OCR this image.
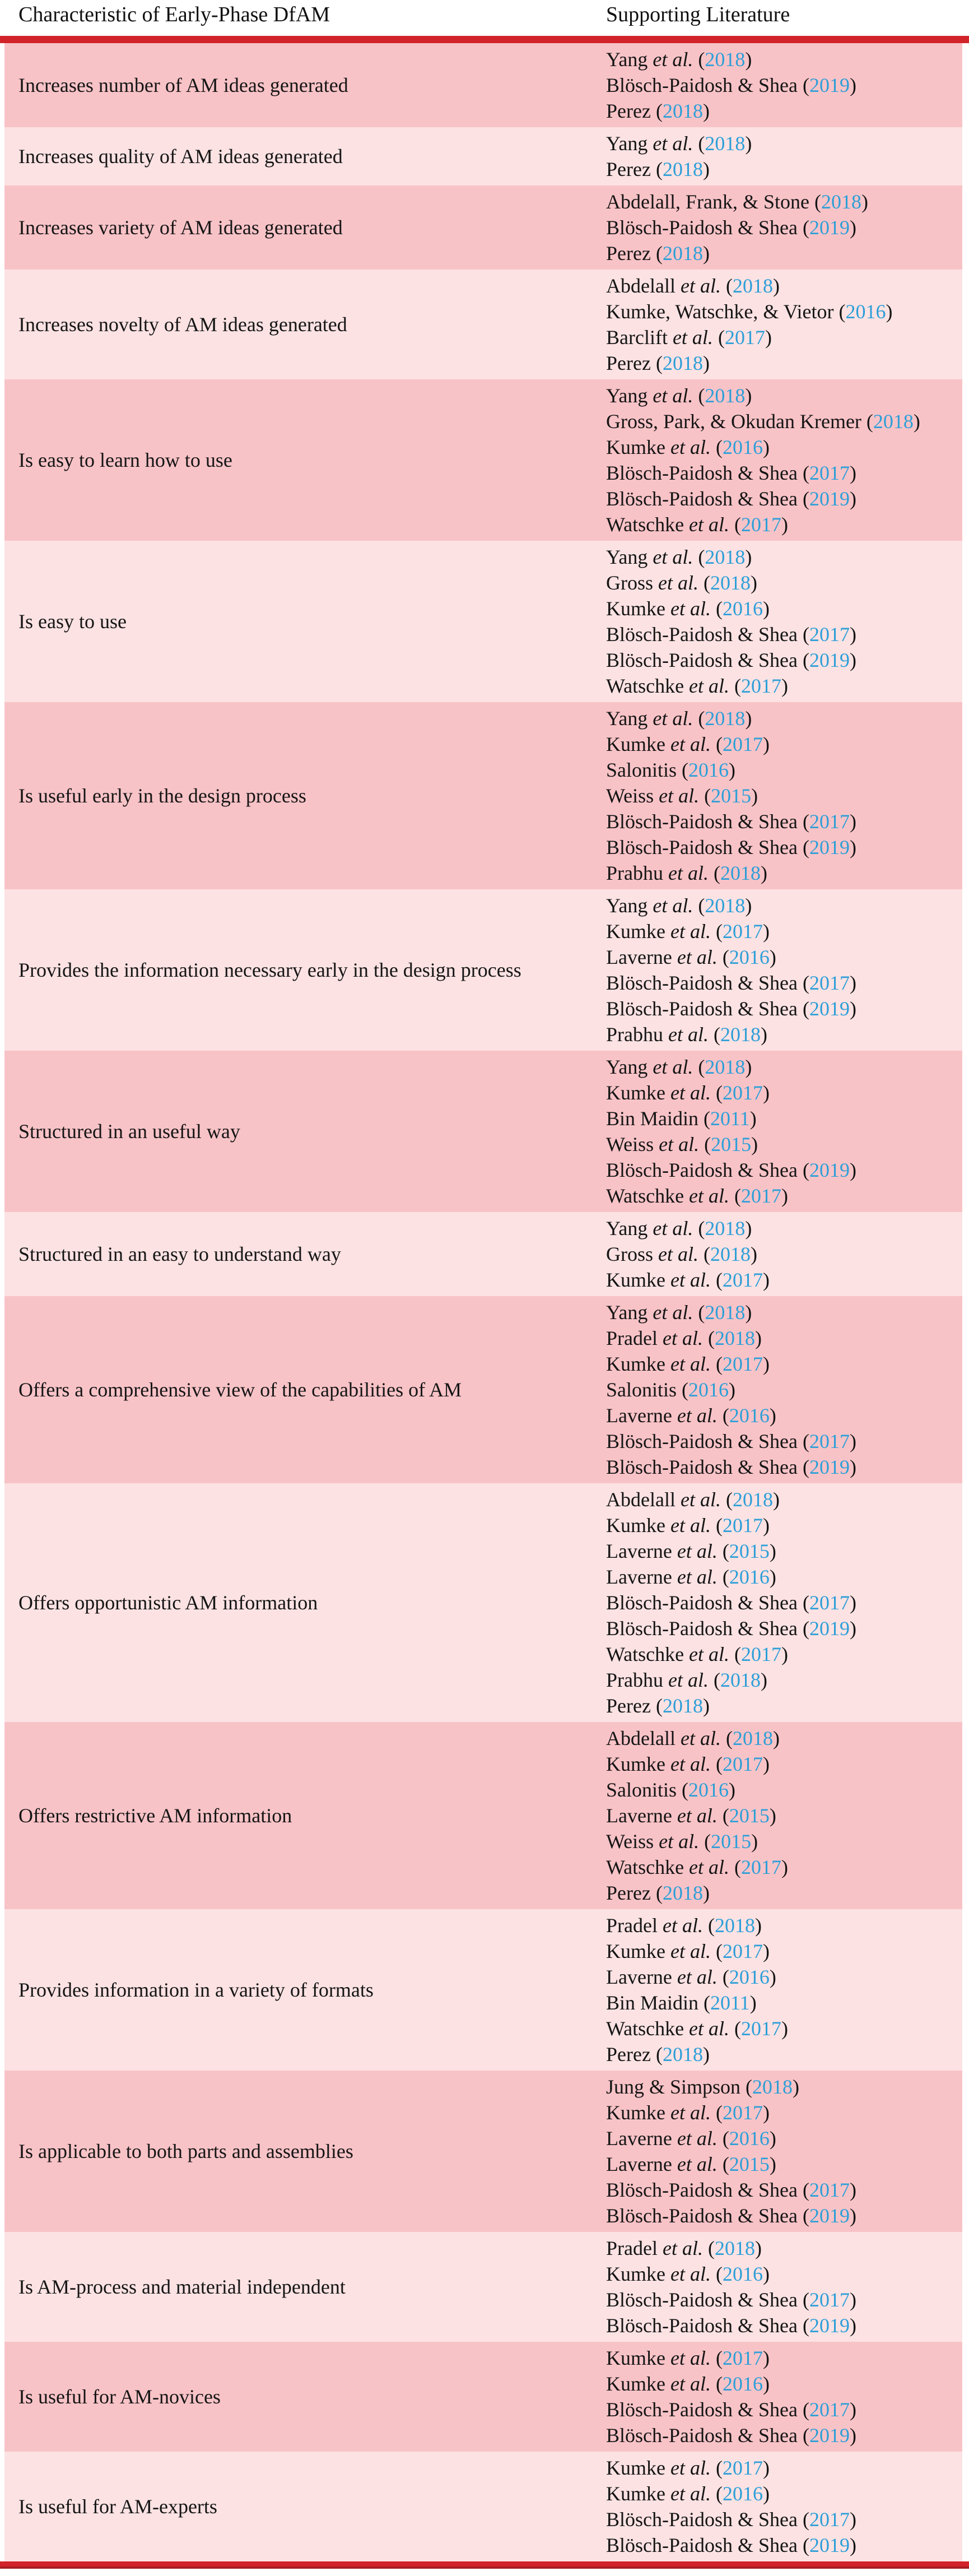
Characteristic of Early-Phase DfAM	Supporting Literature
Increases number of AM ideas generated
Yang et al. (2018)
Blösch-Paidosh & Shea (2019)
Perez (2018)
Increases quality of AM ideas generated
Yang et al. (2018)
Perez (2018)
Increases variety of AM ideas generated
Abdelall, Frank, & Stone (2018)
Blösch-Paidosh & Shea (2019)
Perez (2018)
Increases novelty of AM ideas generated
Abdelall et al. (2018)
Kumke, Watschke, & Vietor (2016)
Barclift et al. (2017)
Perez (2018)
Is easy to learn how to use
Yang et al. (2018)
Gross, Park, & Okudan Kremer (2018)
Kumke et al. (2016)
Blösch-Paidosh & Shea (2017)
Blösch-Paidosh & Shea (2019)
Watschke et al. (2017)
Is easy to use
Yang et al. (2018)
Gross et al. (2018)
Kumke et al. (2016)
Blösch-Paidosh & Shea (2017)
Blösch-Paidosh & Shea (2019)
Watschke et al. (2017)
Is useful early in the design process
Yang et al. (2018)
Kumke et al. (2017)
Salonitis (2016)
Weiss et al. (2015)
Blösch-Paidosh & Shea (2017)
Blösch-Paidosh & Shea (2019)
Prabhu et al. (2018)
Provides the information necessary early in the design process
Yang et al. (2018)
Kumke et al. (2017)
Laverne et al. (2016)
Blösch-Paidosh & Shea (2017)
Blösch-Paidosh & Shea (2019)
Prabhu et al. (2018)
Structured in an useful way
Yang et al. (2018)
Kumke et al. (2017)
Bin Maidin (2011)
Weiss et al. (2015)
Blösch-Paidosh & Shea (2019)
Watschke et al. (2017)
Structured in an easy to understand way
Yang et al. (2018)
Gross et al. (2018)
Kumke et al. (2017)
Offers a comprehensive view of the capabilities of AM
Yang et al. (2018)
Pradel et al. (2018)
Kumke et al. (2017)
Salonitis (2016)
Laverne et al. (2016)
Blösch-Paidosh & Shea (2017)
Blösch-Paidosh & Shea (2019)
Offers opportunistic AM information
Abdelall et al. (2018)
Kumke et al. (2017)
Laverne et al. (2015)
Laverne et al. (2016)
Blösch-Paidosh & Shea (2017)
Blösch-Paidosh & Shea (2019)
Watschke et al. (2017)
Prabhu et al. (2018)
Perez (2018)
Offers restrictive AM information
Abdelall et al. (2018)
Kumke et al. (2017)
Salonitis (2016)
Laverne et al. (2015)
Weiss et al. (2015)
Watschke et al. (2017)
Perez (2018)
Provides information in a variety of formats
Pradel et al. (2018)
Kumke et al. (2017)
Laverne et al. (2016)
Bin Maidin (2011)
Watschke et al. (2017)
Perez (2018)
Is applicable to both parts and assemblies
Jung & Simpson (2018)
Kumke et al. (2017)
Laverne et al. (2016)
Laverne et al. (2015)
Blösch-Paidosh & Shea (2017)
Blösch-Paidosh & Shea (2019)
Is AM-process and material independent
Pradel et al. (2018)
Kumke et al. (2016)
Blösch-Paidosh & Shea (2017)
Blösch-Paidosh & Shea (2019)
Is useful for AM-novices
Kumke et al. (2017)
Kumke et al. (2016)
Blösch-Paidosh & Shea (2017)
Blösch-Paidosh & Shea (2019)
Is useful for AM-experts
Kumke et al. (2017)
Kumke et al. (2016)
Blösch-Paidosh & Shea (2017)
Blösch-Paidosh & Shea (2019)
